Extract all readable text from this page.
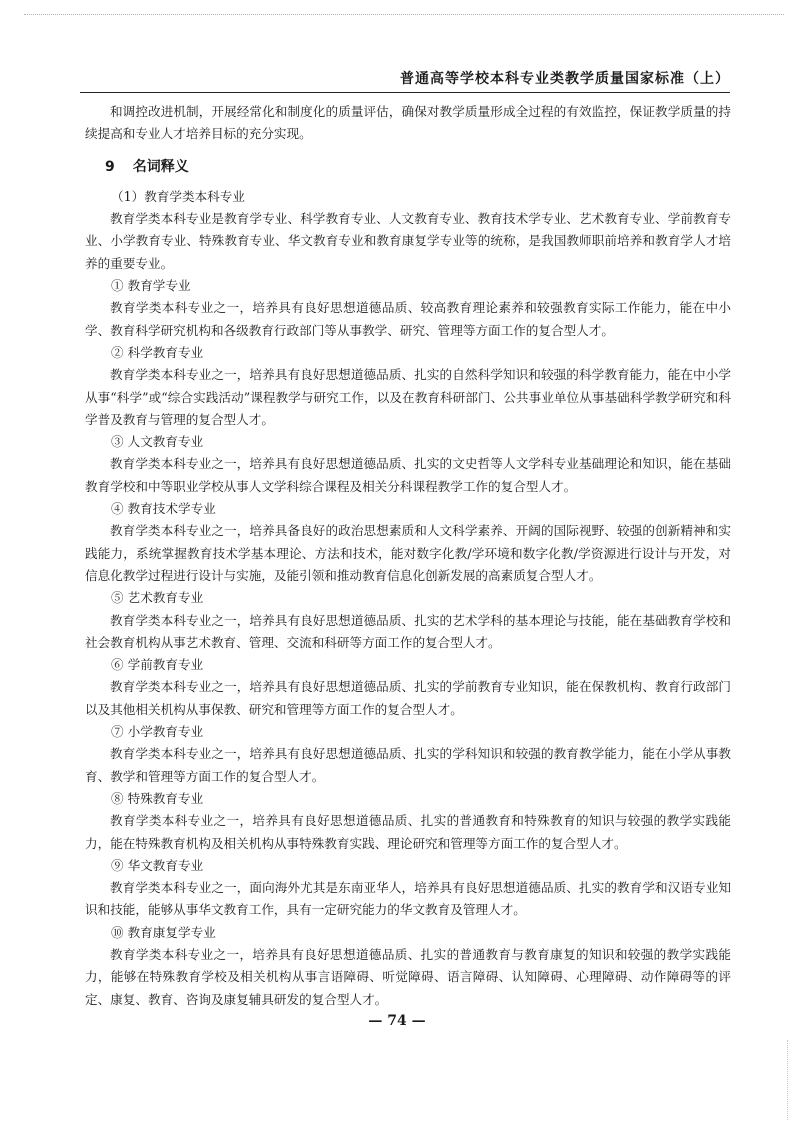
普通高等学校本科专业类教学质量国家标准（上）

和调控改进机制，开展经常化和制度化的质量评估，确保对教学质量形成全过程的有效监控，保证教学质量的持续提高和专业人才培养目标的充分实现。

9 名词释义

（1）教育学类本科专业

教育学类本科专业是教育学专业、科学教育专业、人文教育专业、教育技术学专业、艺术教育专业、学前教育专业、小学教育专业、特殊教育专业、华文教育专业和教育康复学专业等的统称，是我国教师职前培养和教育学人才培养的重要专业。

① 教育学专业

教育学类本科专业之一，培养具有良好思想道德品质、较高教育理论素养和较强教育实际工作能力，能在中小学、教育科学研究机构和各级教育行政部门等从事教学、研究、管理等方面工作的复合型人才。

② 科学教育专业

教育学类本科专业之一，培养具有良好思想道德品质、扎实的自然科学知识和较强的科学教育能力，能在中小学从事“科学”或“综合实践活动”课程教学与研究工作，以及在教育科研部门、公共事业单位从事基础科学教学研究和科学普及教育与管理的复合型人才。

③ 人文教育专业

教育学类本科专业之一，培养具有良好思想道德品质、扎实的文史哲等人文学科专业基础理论和知识，能在基础教育学校和中等职业学校从事人文学科综合课程及相关分科课程教学工作的复合型人才。

④ 教育技术学专业

教育学类本科专业之一，培养具备良好的政治思想素质和人文科学素养、开阔的国际视野、较强的创新精神和实践能力，系统掌握教育技术学基本理论、方法和技术，能对数字化教/学环境和数字化教/学资源进行设计与开发，对信息化教学过程进行设计与实施，及能引领和推动教育信息化创新发展的高素质复合型人才。

⑤ 艺术教育专业

教育学类本科专业之一，培养具有良好思想道德品质、扎实的艺术学科的基本理论与技能，能在基础教育学校和社会教育机构从事艺术教育、管理、交流和科研等方面工作的复合型人才。

⑥ 学前教育专业

教育学类本科专业之一，培养具有良好思想道德品质、扎实的学前教育专业知识，能在保教机构、教育行政部门以及其他相关机构从事保教、研究和管理等方面工作的复合型人才。

⑦ 小学教育专业

教育学类本科专业之一，培养具有良好思想道德品质、扎实的学科知识和较强的教育教学能力，能在小学从事教育、教学和管理等方面工作的复合型人才。

⑧ 特殊教育专业

教育学类本科专业之一，培养具有良好思想道德品质、扎实的普通教育和特殊教育的知识与较强的教学实践能力，能在特殊教育机构及相关机构从事特殊教育实践、理论研究和管理等方面工作的复合型人才。

⑨ 华文教育专业

教育学类本科专业之一，面向海外尤其是东南亚华人，培养具有良好思想道德品质、扎实的教育学和汉语专业知识和技能，能够从事华文教育工作，具有一定研究能力的华文教育及管理人才。

⑩ 教育康复学专业

教育学类本科专业之一，培养具有良好思想道德品质、扎实的普通教育与教育康复的知识和较强的教学实践能力，能够在特殊教育学校及相关机构从事言语障碍、听觉障碍、语言障碍、认知障碍、心理障碍、动作障碍等的评定、康复、教育、咨询及康复辅具研发的复合型人才。

— 74 —
